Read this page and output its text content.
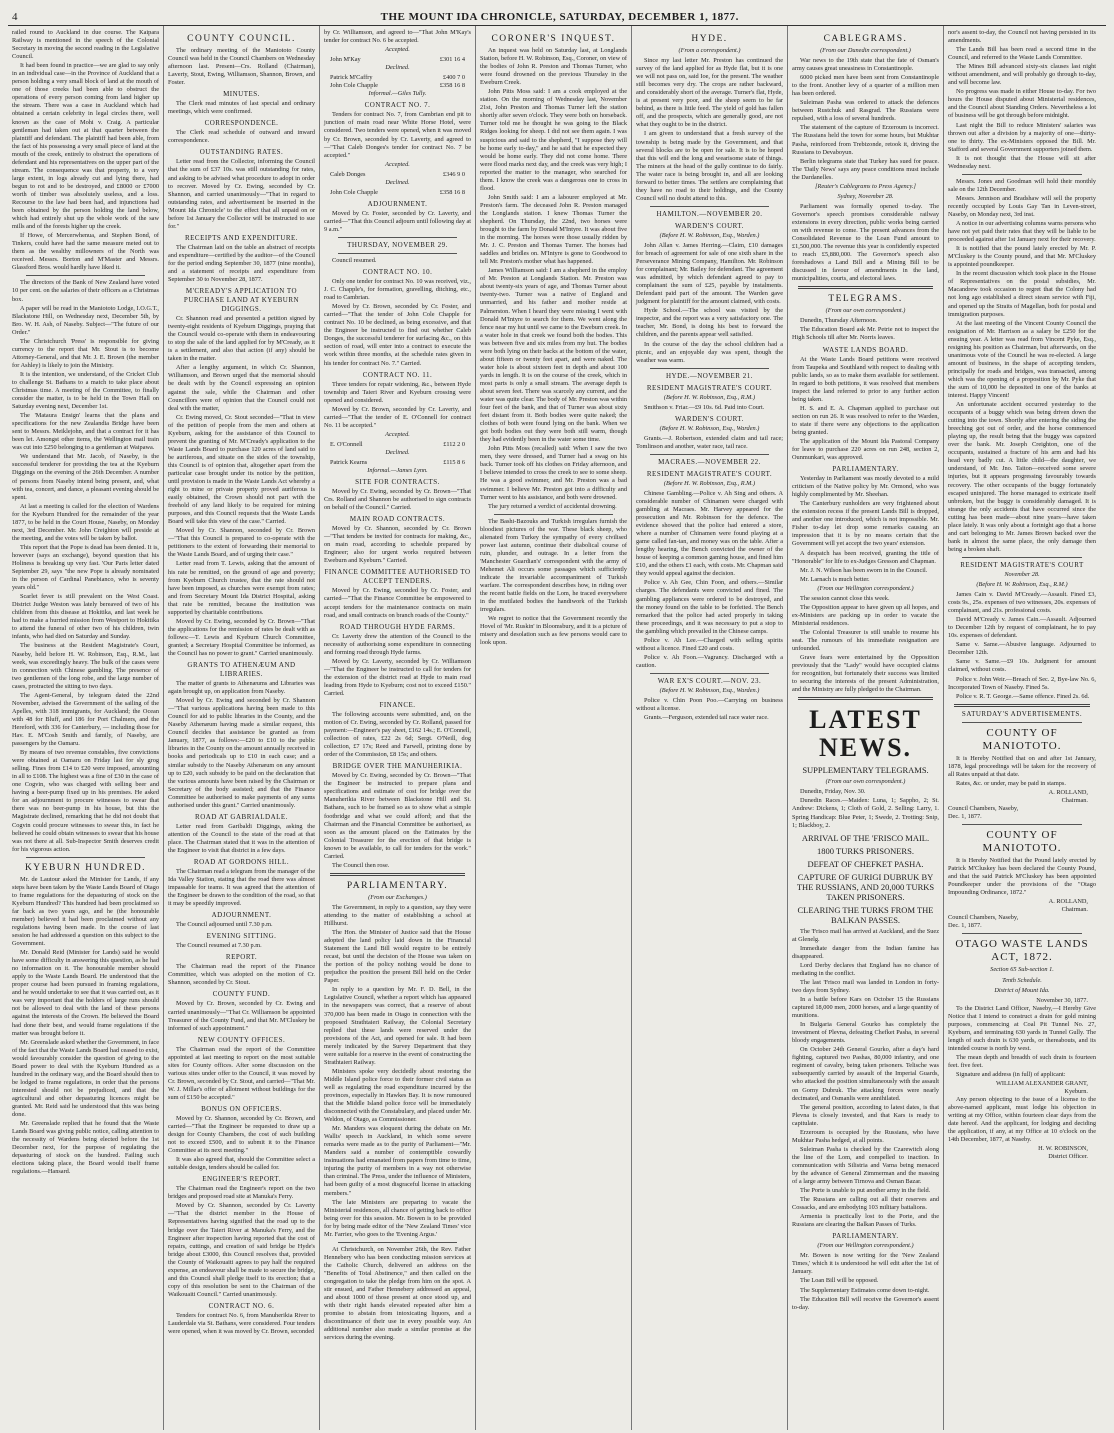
4	THE MOUNT IDA CHRONICLE, SATURDAY, DECEMBER 1, 1877.

railed round to Auckland in due course. The Kaipara Railway is mentioned in the speech of the Colonial Secretary in moving the second reading in the Legislative Council.

It had been found in practice—we are glad to say only in an individual case—in the Province of Auckland that a person holding a very small block of land at the mouth of one of those creeks had been able to obstruct the operations of every person coming from land higher up the stream. There was a case in Auckland which had obtained a certain celebrity in legal circles there, well known as the case of Mohi v. Craig. A particular gentleman had taken out at that quarter between the plaintiff and defendant. The plaintiff had been able, from the fact of his possessing a very small piece of land at the mouth of the creek, entirely to obstruct the operations of defendant and his representatives on the upper part of the stream. The consequence was that property, to a very large extent, in logs already cut and lying there, had begun to rot and to be destroyed, and £8000 or £7000 worth of timber was absolutely useless, and a loss. Recourse to the law had been had, and injunctions had been obtained by the person holding the land below, which had entirely shut up the whole work of the saw mills and of the forests higher up the creek.

If Howe, of Mercerwhenua, and Stephen Bond, of Tinkers, could have had the same measure meted out to them as the wealthy millowners of the North was received. Messrs. Borton and M'Master and Messrs. Glassford Bros. would hardly have liked it.

The directors of the Bank of New Zealand have voted 10 per cent. on the salaries of their officers as a Christmas box.

A paper will be read in the Maniototo Lodge, I.O.G.T., Blackstone Hill, on Wednesday next, December 5th, by Bro. W. H. Ash, of Naseby. Subject—"The future of our Order."

The Christchurch 'Press' is responsible for giving currency to the report that Mr. Stout is to become Attorney-General, and that Mr. J. E. Brown (the member for Ashley) is likely to join the Ministry.

It is the intention, we understand, of the Cricket Club to challenge St. Bathans to a match to take place about Christmas time. A meeting of the Committee, to finally consider the matter, is to be held in the Town Hall on Saturday evening next, December 1st.

The 'Mataura Ensign' learns that the plans and specifications for the new Zealandia Bridge have been sent to Messrs. Meiklejohn, and that a contract for it has been let. Amongst other items, the Wellington mail train was cut into £250 belonging to a gentleman at Waipawa.

We understand that Mr. Jacob, of Naseby, is the successful tenderer for providing the tea at the Kyeburn Diggings on the evening of the 26th December. A number of persons from Naseby intend being present, and, what with tea, concert, and dance, a pleasant evening should be spent.

At last a meeting is called for the election of Wardens for the Kyeburn Hundred for the remainder of the year 1877, to be held in the Court House, Naseby, on Monday next, 3rd December. Mr. John Creighton will preside at the meeting, and the votes will be taken by ballot.

This report that the Pope is dead has been denied. It is, however (says an exchange), beyond question that his Holiness is breaking up very fast. 'Our Paris letter dated September 29, says "the new Pope is already nominated in the person of Cardinal Panebianco, who is seventy years old."

Scarlet fever is still prevalent on the West Coast. District Judge Weston was lately bereaved of two of his children from this disease at Hokitika, and last week he had to make a hurried mission from Westport to Hokitika to attend the funeral of other two of his children, twin infants, who had died on Saturday and Sunday.

The business at the Resident Magistrate's Court, Naseby, held before H. W. Robinson, Esq., R.M., last week, was exceedingly heavy. The bulk of the cases were in connection with Chinese gambling. The presence of two gentlemen of the long robe, and the large number of cases, protracted the sitting to two days.

The Agent-General, by telegram dated the 22nd November, advised the Government of the sailing of the Apelles, with 318 immigrants, for Auckland; the Ocean with 48 for Bluff, and 186 for Port Chalmers, and the Hereford, with 336 for Canterbury, — including those for Hav. E. M'Cosh Smith and family, of Naseby, are passengers by the Oamaru.

By means of two revenue constables, five convictions were obtained at Oamaru on Friday last for sly grog selling. Fines from £14 to £20 were imposed, amounting in all to £108. The highest was a fine of £30 in the case of one Cogvin, who was charged with selling beer and having a beer-pump fixed up in his premises. He asked for an adjournment to procure witnesses to swear that there was no beer-pump in his house, but this the Magistrate declined, remarking that he did not doubt that Cogvin could procure witnesses to swear this, in fact he believed he could obtain witnesses to swear that his house was not there at all. Sub-Inspector Smith deserves credit for his vigorous action.

KYEBURN HUNDRED.

Mr. de Lautour asked the Minister for Lands, if any steps have been taken by the Waste Lands Board of Otago to frame regulations for the depasturing of stock on the Kyeburn Hundred? This hundred had been proclaimed so far back as two years ago, and he (the honourable member) believed it had been proclaimed without any regulations having been made. In the course of last session he had addressed a question on this subject to the Government.

Mr. Donald Reid (Minister for Lands) said he would have some difficulty in answering this question, as he had no information on it. The honourable member should apply to the Waste Lands Board. He understood that the proper course had been pursued in framing regulations, and he would undertake to see that it was carried out, as it was very important that the holders of large runs should not be allowed to deal with the land of these persons against the interests of the Crown. He believed the Board had done their best, and would frame regulations if the matter was brought before it.

Mr. Greenslade asked whether the Government, in face of the fact that the Waste Lands Board had ceased to exist, would favourably consider the question of giving to the Board power to deal with the Kyeburn Hundred as a hundred in the ordinary way, and the Board should then to be lodged to frame regulations, in order that the persons interested should not be prejudiced, and that the agricultural and other depasturing licences might be granted. Mr. Reid said he understood that this was being done.

Mr. Greenslade replied that he found that the Waste Lands Board was giving public notice, calling attention to the necessity of Wardens being elected before the 1st December next, for the purpose of regulating the depasturing of stock on the hundred. Failing such elections taking place, the Board would itself frame regulations.—Hansard.

COUNTY COUNCIL.

The ordinary meeting of the Maniototo County Council was held in the Council Chambers on Wednesday afternoon last. Present—Crs. Rolland (Chairman), Laverty, Stout, Ewing, Williamson, Shannon, Brown, and Foster.

MINUTES.

The Clerk read minutes of last special and ordinary meetings, which were confirmed.

CORRESPONDENCE.

The Clerk read schedule of outward and inward correspondence.

OUTSTANDING RATES.

Letter read from the Collector, informing the Council that the sum of £37 10s. was still outstanding for rates, and asking to be advised what procedure to adopt in order to recover. Moved by Cr. Ewing, seconded by Cr. Shannon, and carried unanimously—"That in regard to outstanding rates, and advertisement be inserted in the 'Mount Ida Chronicle' to the effect that all unpaid on or before 1st January the Collector will be instructed to sue for."

RECEIPTS AND EXPENDITURE.

The Chairman laid on the table an abstract of receipts and expenditure—certified by the auditor—of the Council for the period ending September 30, 1877 (nine months), and a statement of receipts and expenditure from September 30 to November 28, 1877.

M'CREADY'S APPLICATION TO PURCHASE LAND AT KYEBURN DIGGINGS.

Cr. Shannon read and presented a petition signed by twenty-eight residents of Kyeburn Diggings, praying that the Council would co-operate with them in endeavouring to stop the sale of the land applied for by M'Cready, as it is a settlement, and also that action (if any) should be taken in the matter.

After a lengthy argument, in which Cr. Shannon, Williamson, and Brown urged that the memorial should be dealt with by the Council expressing an opinion against the sale, while the Chairman and other Councillors were of opinion that the Council could not deal with the matter,

Cr. Ewing moved, Cr. Stout seconded—"That in view of the petition of people from the men and others at Kyeburn, asking for the assistance of this Council to prevent the granting of Mr. M'Cready's application to the Waste Lands Board to purchase 120 acres of land said to be auriferous, and situate on the sides of the township, this Council is of opinion that, altogether apart from the particular case brought under its notice by the petition, until provision is made in the Waste Lands Act whereby a right to mine or private property proved auriferous is easily obtained, the Crown should not part with the freehold of any land likely to be required for mining purposes, and this Council requests that the Waste Lands Board will take this view of the case." Carried.

Moved by Cr. Shannon, seconded by Cr. Brown—"That this Council is prepared to co-operate with the petitioners to the extent of forwarding their memorial to the Waste Lands Board, and of urging their case."

Letter read from T. Lewis, asking that the amount of his rate be remitted, on the ground of age and poverty; from Kyeburn Church trustee, that the rate should not have been imposed, as churches were exempt from rates; and from Secretary Mount Ida District Hospital, asking that rate be remitted, because the institution was supported by charitable contributions.

Moved by Cr. Ewing, seconded by Cr. Brown—"That the applications for the remission of rates be dealt with as follows:—T. Lewis and Kyeburn Church Committee, granted; a Secretary Hospital Committee be informed, as the Council has no power to grant." Carried unanimously.

GRANTS TO ATHENÆUM AND LIBRARIES.

The matter of grants to Athenæums and Libraries was again brought up, on application from Naseby.

Moved by Cr. Ewing and seconded by Cr. Shannon—"That various applications having been made to this Council for aid to public libraries in the County, and the Naseby Athenæum having made a similar request, this Council decides that assistance be granted as from January, 1877, as follows:—£20 to £10 to the public libraries in the County on the amount annually received in books and periodicals up to £10 in each case; and a similar subsidy to the Naseby Athenæum on any amount up to £20, such subsidy to be paid on the declaration that the various amounts have been raised by the Chairman or Secretary of the body assisted; and that the Finance Committee be authorised to make payments of any sums authorised under this grant." Carried unanimously.

ROAD AT GABRIALDALE.

Letter read from Garibaldi Diggings, asking the attention of the Council to the state of the road at that place. The Chairman stated that it was in the attention of the Engineer to visit that district in a few days.

ROAD AT GORDONS HILL.

The Chairman read a telegram from the manager of the Ida Valley Station, stating that the road there was almost impassable for teams. It was agreed that the attention of the Engineer be drawn to the condition of the road, so that it may be speedily improved.

ADJOURNMENT.

The Council adjourned until 7.30 p.m.

EVENING SITTING.

The Council resumed at 7.30 p.m.

REPORT.

The Chairman read the report of the Finance Committee, which was adopted on the motion of Cr. Shannon, seconded by Cr. Stout.

COUNTY FUND.

Moved by Cr. Brown, seconded by Cr. Ewing and carried unanimously—"That Cr. Williamson be appointed Treasurer of the County Fund, and that Mr. M'Cluskey be informed of such appointment."

NEW COUNTY OFFICES.

The Chairman read the report of the Committee appointed at last meeting to report on the most suitable sites for County offices. After some discussion on the various sites under offer to the Council, it was moved by Cr. Brown, seconded by Cr. Stout, and carried—"That Mr. W. J. Millar's offer of allotment without buildings for the sum of £150 be accepted."

BONUS ON OFFICERS.

Moved by Cr. Shannon, seconded by Cr. Brown, and carried—"That the Engineer be requested to draw up a design for County Chambers, the cost of such building not to exceed £500, and to submit it to the Finance Committee at its next meeting."

It was also agreed that, should the Committee select a suitable design, tenders should be called for.

ENGINEER'S REPORT.

The Chairman read the Engineer's report on the two bridges and proposed road site at Manuka's Ferry.

Moved by Cr. Shannon, seconded by Cr. Laverty—"That the district member in the House of Representatives having signified that the road up to the bridge over the Taieri River at Manuka's Ferry, and the Engineer after inspection having reported that the cost of repairs, cuttings, and creation of said bridge be Hyde's bridge about £3000, this Council resolves that, provided the County of Waikouaiti agrees to pay half the required expense, an endeavour shall be made to secure the bridge, and this Council shall pledge itself to its erection; that a copy of this resolution be sent to the Chairman of the Waikouaiti Council." Carried unanimously.

CONTRACT NO. 6.

Tenders for contract No. 6, from Manuherikia River to Lauderdale via St. Bathans, were considered. Four tenders were opened, when it was moved by Cr. Brown, seconded

by Cr. Williamson, and agreed to—"That John M'Kay's tender for contract No. 6 be accepted.

Accepted.
John M'Kay	£301 16 4
Declined.
Patrick M'Caffry	£400 7 0
John Cole Chapple	£358 16 8
Informal.—Giles Tully.
CONTRACT NO. 7.

Tenders for contract No. 7, from Cambrian end pit to junction of main road near White Horse Hotel, were considered. Two tenders were opened, when it was moved by Cr. Brown, seconded by Cr. Laverty, and agreed to—"That Caleb Donges's tender for contract No. 7 be accepted."

Accepted.
Caleb Donges	£346 9 0
Declined.
John Cole Chapple	£358 16 8
ADJOURNMENT.

Moved by Cr. Foster, seconded by Cr. Laverty, and carried—"That this Council adjourn until following day at 9 a.m."

THURSDAY, NOVEMBER 29.

Council resumed.

CONTRACT NO. 10.

Only one tender for contract No. 10 was received, viz., J. C. Chapple's, for formation, gravelling, ditching, etc., road to Cambrian.

Moved by Cr. Brown, seconded by Cr. Foster, and carried—"That the tender of John Cole Chapple for contract No. 10 be declined, as being excessive, and that the Engineer be instructed to find out whether Caleb Donges, the successful tenderer for surfacing &c., on this section of road, will enter into a contract to execute the work within three months, at the schedule rates given in his tender for contract No. 7." Carried.

CONTRACT NO. 11.

Three tenders for repair widening, &c., between Hyde township and Taieri River and Kyeburn crossing were opened and considered.

Moved by Cr. Brown, seconded by Cr. Laverty, and carried—"That the tender of E. O'Connell for contract No. 11 be accepted."

Accepted.
E. O'Connell	£112 2 0
Declined.
Patrick Kearns	£115 8 6
Informal.—James Lynn.
SITE FOR CONTRACTS.

Moved by Cr. Ewing, seconded by Cr. Brown—"That Crs. Rolland and Shannon be authorised to sign contracts on behalf of the Council." Carried.

MAIN ROAD CONTRACTS.

Moved by Cr. Shannon, seconded by Cr. Brown—"That tenders be invited for contracts for making, &c., on main road, according to schedule prepared by Engineer; also for urgent works required between Eweburn and Kyeburn." Carried.

FINANCE COMMITTEE AUTHORISED TO ACCEPT TENDERS.

Moved by Cr. Ewing, seconded by Cr. Foster, and carried—"That the Finance Committee be empowered to accept tenders for the maintenance contracts on main road, and small contracts on branch roads of the County."

ROAD THROUGH HYDE FARMS.

Cr. Laverty drew the attention of the Council to the necessity of authorising some expenditure in connecting and forming road through Hyde farms.

Moved by Cr. Laverty, seconded by Cr. Williamson—"That the Engineer be instructed to call for tenders for the extension of the district road at Hyde to main road leading from Hyde to Kyeburn; cost not to exceed £150." Carried.

FINANCE.

The following accounts were submitted, and, on the motion of Cr. Ewing, seconded by Cr. Rolland, passed for payment:—Engineer's pay sheet, £162 14s.; E. O'Connell, collection of rates, £22 2s 6d; Sergt. O'Neill, dog collection, £7 17s; Reed and Farwell, printing done by order of the Commission, £8 15s; and others.

BRIDGE OVER THE MANUHERIKIA.

Moved by Cr. Ewing, seconded by Cr. Brown—"That the Engineer be instructed to prepare plans and specifications and estimate of cost for bridge over the Manuherikia River between Blackstone Hill and St. Bathans, such to be framed so as to show what a simple footbridge and what we could afford; and that the Chairman and the Financial Committee be authorised, as soon as the amount placed on the Estimates by the Colonial Treasurer for the erection of that bridge is known to be available, to call for tenders for the work." Carried.

The Council then rose.

PARLIAMENTARY.
(From our Exchanges.)

The Government, in reply to a question, say they were attending to the matter of establishing a school at Hillhurst.

The Hon. the Minister of Justice said that the House adopted the land policy laid down in the Financial Statement the Land Bill would require to be entirely recast, but until the decision of the House was taken on the portion of the policy nothing would be done to prejudice the position the present Bill held on the Order Paper.

In reply to a question by Mr. F. D. Bell, in the Legislative Council, whether a report which has appeared in the newspapers was correct, that a reserve of about 370,000 has been made in Otago in connection with the proposed Strathtaieri Railway, the Colonial Secretary replied that these lands were reserved under the provisions of the Act, and opened for sale. It had been merely indicated by the Survey Department that they were suitable for a reserve in the event of constructing the Strathtaieri Railway.

Ministers spoke very decidedly about restoring the Middle Island police force to their former civil status as well as regulating the road expenditure incurred by the provinces, especially in Hawkes Bay. It is now rumoured that the Middle Island police force will be immediately disconnected with the Constabulary, and placed under Mr. Weldon, of Otago, as Commissioner.

Mr. Manders was eloquent during the debate on Mr. Wallis' speech in Auckland, in which some severe remarks were made as to the purity of Parliament—"Mr. Manders said a number of contemptible cowardly insinuations had emanated from papers from time to time, injuring the purity of members in a way not otherwise than criminal. The Press, under the influence of Ministers, had been guilty of a most disgraceful license in attacking members."

The late Ministers are preparing to vacate the Ministerial residences, all chance of getting back to office being over for this session. Mr. Bowen is to be provided for by being made editor of the 'New Zealand Times' vice Mr. Farrier, who goes to the 'Evening Argus.'

At Christchurch, on November 26th, the Rev. Father Hennebery who has been conducting mission services at the Catholic Church, delivered an address on the "Benefits of Total Abstinence," and then called on the congregation to take the pledge from him on the spot. A stir ensued, and Father Hennebery addressed an appeal, and about 1000 of those present at once stood up, and with their right hands elevated repeated after him a promise to abstain from intoxicating liquors, and a discontinuance of their use in every possible way. An additional number also made a similar promise at the services during the evening.

CORONER'S INQUEST.

An inquest was held on Saturday last, at Longlands Station, before H. W. Robinson, Esq., Coroner, on view of the bodies of John R. Preston and Thomas Turner, who were found drowned on the previous Thursday in the Eweburn Creek.

John Pitts Moss said: I am a cook employed at the station. On the morning of Wednesday last, November 21st, John Preston and Thomas Turner left the station shortly after seven o'clock. They were both on horseback. Turner told me he thought he was going to the Black Ridges looking for sheep. I did not see them again. I was suspicious and said to the shepherd, "I suppose they will be home early to-day," and he said that he expected they would be home early. They did not come home. There were flood marks next day, and the creek was very high; I reported the matter to the manager, who searched for them. I know the creek was a dangerous one to cross in flood.

John Smith said: I am a labourer employed at Mr. Preston's farm. The deceased John R. Preston managed the Longlands station. I knew Thomas Turner the shepherd. On Thursday, the 22nd, two horses were brought to the farm by Donald M'Intyre. It was about five in the morning. The horses were those usually ridden by Mr. J. C. Preston and Thomas Turner. The horses had saddles and bridles on. M'Intyre is gone to Goodwood to tell Mr. Preston's mother what has happened.

James Williamson said: I am a shepherd in the employ of Mr. Preston at Longlands Station. Mr. Preston was about twenty-six years of age, and Thomas Turner about twenty-two. Turner was a native of England and unmarried, and his father and mother reside at Palmerston. When I heard they were missing I went with Donald M'Intyre to search for them. We went along the fence near my hut until we came to the Eweburn creek. In a water hole in that creek we found both the bodies. This was between five and six miles from my hut. The bodies were both lying on their backs at the bottom of the water, about fifteen or twenty feet apart, and were naked. The water hole is about sixteen feet in depth and about 100 yards in length. It is on the course of the creek, which in most parts is only a small stream. The average depth is about seven feet. There was scarcely any current, and the water was quite clear. The body of Mr. Preston was within four feet of the bank, and that of Turner was about sixty feet distant from it. Both bodies were quite naked; the clothes of both were found lying on the bank. When we got both bodies out they were both still warm, though they had evidently been in the water some time.

John Pitts Moss (recalled) said: When I saw the two men, they were dressed, and Turner had a swag on his back. Turner took off his clothes on Friday afternoon, and I believe intended to cross the creek to see to some sheep. He was a good swimmer, and Mr. Preston was a bad swimmer. I believe Mr. Preston got into a difficulty and Turner went to his assistance, and both were drowned.

The jury returned a verdict of accidental drowning.

The Bashi-Bazouks and Turkish irregulars furnish the bloodiest pictures of the war. These black sheep, who alienated from Turkey the sympathy of every civilised power last autumn, continue their diabolical course of ruin, plunder, and outrage. In a letter from the 'Manchester Guardian's' correspondent with the army of Mehemet Ali occurs some passages which sufficiently indicate the invariable accompaniment of Turkish warfare. The correspondent describes how, in riding over the recent battle fields on the Lom, he traced everywhere in the mutilated bodies the handiwork of the Turkish irregulars.

We regret to notice that the Government recently the Hovel of 'Mr. Ruskin' in Bloomsbury, and it is a picture of misery and desolation such as few persons would care to look upon.

HYDE.
(From a correspondent.)

Since my last letter Mr. Preston has continued the survey of the land applied for as Hyde flat, but it is one we will not pass on, said Ioe, for the present. The weather still becomes very dry. The crops are rather backward, and considerably short of the average. Turner's flat, Hyde, is at present very poor, and the sheep seem to be far behind, as there is little feed. The yield of gold has fallen off, and the prospects, which are generally good, are not what they ought to be in the district.

I am given to understand that a fresh survey of the township is being made by the Government, and that several blocks are to be open for sale. It is to be hoped that this will end the long and wearisome state of things. The miners at the head of the gully continue to do fairly. The water race is being brought in, and all are looking forward to better times. The settlers are complaining that they have no road to their holdings, and the County Council will no doubt attend to this.

HAMILTON.—NOVEMBER 20.
WARDEN'S COURT.
(Before H. W. Robinson, Esq., Warden.)

John Allan v. James Herring.—Claim, £10 damages for breach of agreement for sale of one sixth share in the Perseverance Mining Company, Hamilton. Mr. Robinson for complainant; Mr. Bailey for defendant. The agreement was admitted, by which defendant agreed to pay to complainant the sum of £25, payable by instalments. Defendant paid part of the amount. The Warden gave judgment for plaintiff for the amount claimed, with costs.

Hyde School.—The school was visited by the inspector, and the report was a very satisfactory one. The teacher, Mr. Bond, is doing his best to forward the children, and the parents appear well satisfied.

In the course of the day the school children had a picnic, and an enjoyable day was spent, though the weather was warm.

HYDE.—NOVEMBER 21.
RESIDENT MAGISTRATE'S COURT.
(Before H. W. Robinson, Esq., R.M.)

Smithson v. Friar.—£9 10s. 6d. Paid into Court.

WARDEN'S COURT.
(Before H. W. Robinson, Esq., Warden.)

Grants.—J. Robertson, extended claim and tail race; Tomlinson and another, water race, tail race.

MACRAES.—NOVEMBER 22.
RESIDENT MAGISTRATE'S COURT.
(Before H. W. Robinson, Esq., R.M.)

Chinese Gambling.—Police v. Ah Sing and others. A considerable number of Chinamen were charged with gambling at Macraes. Mr. Harvey appeared for the prosecution and Mr. Robinson for the defence. The evidence showed that the police had entered a store, where a number of Chinamen were found playing at a game called fan-tan, and money was on the table. After a lengthy hearing, the Bench convicted the owner of the house of keeping a common gaming house, and fined him £10, and the others £1 each, with costs. Mr. Chapman said they would appeal against the decision.

Police v. Ah Gee, Chin Foon, and others.—Similar charges. The defendants were convicted and fined. The gambling appliances were ordered to be destroyed, and the money found on the table to be forfeited. The Bench remarked that the police had acted properly in taking these proceedings, and it was necessary to put a stop to the gambling which prevailed in the Chinese camps.

Police v. Ah Lee.—Charged with selling spirits without a licence. Fined £20 and costs.

Police v. Ah Foon.—Vagrancy. Discharged with a caution.

WAR EX'S COURT.—NOV. 23.
(Before H. W. Robinson, Esq., Warden.)

Police v. Chin Poon Poo.—Carrying on business without a license.

Grants.—Ferguson, extended tail race water race.

CABLEGRAMS.
(From our Dunedin correspondent.)

War news to the 19th state that the fate of Osman's army causes great uneasiness in Constantinople.

6000 picked men have been sent from Constantinople to the front. Another levy of a quarter of a million men has been ordered.

Suleiman Pasha was ordered to attack the defences between Rustchuk and Rasgrad. The Russians were repulsed, with a loss of several hundreds.

The statement of the capture of Erzeroum is incorrect. The Russians held the town for some hours, but Mukhtar Pasha, reinforced from Trebizonde, retook it, driving the Russians to Devaboyun.

Berlin telegrams state that Turkey has sued for peace. The 'Daily News' says any peace conditions must include the Dardanelles.

[Reuter's Cablegrams to Press Agency.]
Sydney, November 28.

Parliament was formally opened to-day. The Governor's speech promises considerable railway extensions in every direction, public works being carried on with revenue to come. The present advances from the Consolidated Revenue to the Loan Fund amount to £1,500,000. The revenue this year is confidently expected to reach £5,880,000. The Governor's speech also foreshadows a Land Bill and a Mining Bill to be discussed in favour of amendments in the land, municipalities, courts, and electoral laws.

TELEGRAMS.
(From our own correspondent.)

Dunedin, Thursday Afternoon.

The Education Board ask Mr. Petrie not to inspect the High Schools till after Mr. Norris leaves.

WASTE LANDS BOARD.

At the Waste Lands Board petitions were received from Taupeka and Southland with respect to dealing with public lands, so as to make them available for settlement. In regard to both petitions, it was resolved that members inspect the land referred to prior to any further action being taken.

H. S. and E. A. Chapman applied to purchase out section on run 26. It was resolved to refer to the Warden, to state if there were any objections to the application being granted.

The application of the Mount Ida Pastoral Company for leave to purchase 220 acres on run 248, section 2, Ounmunkari, was approved.

PARLIAMENTARY.

Yesterday in Parliament was mostly devoted to a mild criticism of the Native policy by Mr. Ormond, who was highly complimented by Mr. Sheehan.

The Canterbury runholders are very frightened about the extension recess if the present Lands Bill is dropped, and another one introduced, which is not impossible. Mr. Fisher to-day let drop some remarks causing an impression that it is by no means certain that the Government will yet accept the two years' extension.

A despatch has been received, granting the title of "Honorable" for life to ex-Judges Gresson and Chapman.

Mr. J. N. Wilson has been sworn in in the Council.

Mr. Larnach is much better.

(From our Wellington correspondent.)

The session cannot close this week.

The Opposition appear to have given up all hopes, and ex-Ministers are packing up in order to vacate the Ministerial residences.

The Colonial Treasurer is still unable to resume his seat. The rumours of his immediate resignation are unfounded.

Grave fears were entertained by the Opposition previously that the "Lady" would have occupied claims for recognition, but fortunately their success was limited to securing the interests of the present Administration, and the Ministry are fully pledged to the Chairman.

LATEST NEWS.
SUPPLEMENTARY TELEGRAMS.
(From our own correspondent.)

Dunedin, Friday, Nov. 30.

Dunedin Races.—Maiden: Luna, 1; Sappho, 2; St. Andrew: Dickens, 1; Cloth of Gold, 2. Selling: Larry, 1. Spring Handicap: Blue Peter, 1; Swede, 2. Trotting: Snip, 1; Blackboy, 2.

ARRIVAL OF THE 'FRISCO MAIL.
1800 TURKS PRISONERS.
DEFEAT OF CHEFKET PASHA.
CAPTURE OF GURIGI DUBRUK BY THE RUSSIANS, AND 20,000 TURKS TAKEN PRISONERS.
CLEARING THE TURKS FROM THE BALKAN PASSES.

The 'Frisco mail has arrived at Auckland, and the Suez at Glenelg.

Immediate danger from the Indian famine has disappeared.

Lord Derby declares that England has no chance of mediating in the conflict.

The last 'Frisco mail was landed in London in forty-two days from Sydney.

In a battle before Kars on October 15 the Russians captured 18,000 men, 2000 horses, and a large quantity of munitions.

In Bulgaria General Gourko has completely the investment of Plevna, defeating Chefket Pasha, in several bloody engagements.

On October 24th General Gourko, after a day's hard fighting, captured two Pashas, 80,000 infantry, and one regiment of cavalry, being taken prisoners. Telische was subsequently carried by assault of the Imperial Guards, who attacked the position simultaneously with the assault on Gorny Dubruk. The attacking forces were nearly decimated, and Osmanlis were annihilated.

The general position, according to latest dates, is that Plevna is closely invested, and that Kars is ready to capitulate.

Erzeroum is occupied by the Russians, who have Mukhtar Pasha hedged, at all points.

Suleiman Pasha is checked by the Czarewitch along the line of the Lom, and compelled to inaction. In communication with Silistria and Varna being menaced by the advance of General Zimmerman and the massing of a large army between Tirnova and Osman Bazar.

The Porte is unable to put another army in the field.

The Russians are calling out all their reserves and Cossacks, and are embodying 103 military battalions.

Armenia is practically lost to the Porte, and the Russians are clearing the Balkan Passes of Turks.

PARLIAMENTARY.
(From our Wellington correspondent.)

Mr. Bowen is now writing for the 'New Zealand Times,' which it is understood he will edit after the 1st of January.

The Loan Bill will be opposed.

The Supplementary Estimates come down to-night.

The Education Bill will receive the Governor's assent to-day.

nor's assent to-day, the Council not having persisted in its amendments.

The Lands Bill has been read a second time in the Council, and referred to the Waste Lands Committee.

The Mines Bill advanced sixty-six clauses last night without amendment, and will probably go through to-day, and will become law.

No progress was made in either House to-day. For two hours the House disputed about Ministerial residences, and the Council about Standing Orders. Nevertheless a lot of business will be got through before midnight.

Last night the Bill to reduce Ministers' salaries was thrown out after a division by a majority of one—thirty-one to thirty. The ex-Ministers opposed the Bill. Mr. Stafford and several Government supporters joined them.

It is not thought that the House will sit after Wednesday next.

Messrs. Jones and Goodman will hold their monthly sale on the 12th December.

Messrs. Jennison and Bradshaw will sell the property recently occupied by Louis Gay Tan in Leven-street, Naseby, on Monday next, 3rd inst.

A notice in our advertising columns warns persons who have not yet paid their rates that they will be liable to be proceeded against after 1st January next for their recovery.

It is notified that the pound lately erected by Mr. P. M'Cluskey is the County pound, and that Mr. M'Cluskey is appointed poundkeeper.

In the recent discussion which took place in the House of Representatives on the postal subsidies, Mr. Macandrew took occasion to regret that the Colony had not long ago established a direct steam service with Fiji, and opened up the Straits of Magellan, both for postal and immigration purposes.

At the last meeting of the Vincent County Council the resignation of Mr. Harrison as a salary be £250 for the ensuing year. A letter was read from Vincent Pyke, Esq., resigning his position as Chairman, but afterwards, on the unanimous vote of the Council he was re-elected. A large amount of business, in the shape of accepting tenders, principally for roads and bridges, was transacted, among which was the opening of a proposition by Mr. Pyke that the sum of 10,000 be deposited in one of the banks at interest. Happy Vincent!

An unfortunate accident occurred yesterday to the occupants of a buggy which was being driven down the cutting into the town. Shortly after entering the siding the breeching got out of order, and the horse commenced playing up, the result being that the buggy was capsized over the bank. Mr. Joseph Creighton, one of the occupants, sustained a fracture of his arm and had his head very badly cut. A little child—the daughter, we understand, of Mr. Jno. Taiton—received some severe injuries, but it appears progressing favourably towards recovery. The other occupants of the buggy fortunately escaped uninjured. The horse managed to extricate itself unbroken, but the buggy is considerably damaged. It is strange the only accidents that have occurred since the cutting has been made—about nine years—have taken place lately. It was only about a fortnight ago that a horse and cart belonging to Mr. James Brown backed over the bank in almost the same place, the only damage then being a broken shaft.

RESIDENT MAGISTRATE'S COURT
November 28.
(Before H. W. Robinson, Esq., R.M.)

James Cain v. David M'Cready.—Assault. Fined £3, costs 9s., 25s. expenses of two witnesses, 20s. expenses of complainant, and 21s. professional costs.

David M'Cready v. James Cain.—Assault. Adjourned to December 12th by request of complainant, he to pay 10s. expenses of defendant.

Same v. Same.—Abusive language. Adjourned to December 12th.

Same v. Same.—£9 10s. Judgment for amount claimed, without costs.

Police v. John Weir.—Breach of Sec. 2, Bye-law No. 6, Incorporated Town of Naseby. Fined 5s.

Police v. R. T. George.—Same offence. Fined 2s. 6d.

SATURDAY'S ADVERTISEMENTS.
COUNTY OF MANIOTOTO.

It is Hereby Notified that on and after 1st January, 1878, legal proceedings will be taken for the recovery of all Rates unpaid at that date.

Rates, &c. or under, may be paid in stamps.

A. ROLLAND,
Chairman.
Council Chambers, Naseby,
Dec. 1, 1877.
COUNTY OF MANIOTOTO.

It is Hereby Notified that the Pound lately erected by Patrick M'Cluskey has been declared the County Pound, and that the said Patrick M'Cluskey has been appointed Poundkeeper under the provisions of the "Otago Impounding Ordinance, 1872."

A. ROLLAND,
Chairman.
Council Chambers, Naseby,
Dec. 1, 1877.
OTAGO WASTE LANDS ACT, 1872.
Section 65 Sub-section 1.
Tenth Schedule.
District of Mount Ida.
November 30, 1877.

To the District Land Officer, Naseby,—I Hereby Give Notice that I intend to construct a drain for gold mining purposes, commencing at Coal Pit Tunnel No. 27, Kyeburn, and terminating 630 yards in Tunnel Gully. The length of such drain is 630 yards, or thereabouts, and its intended course is north by west.

The mean depth and breadth of such drain is fourteen feet. five feet.

Signature and address (in full) of applicant:

WILLIAM ALEXANDER GRANT,
Kyeburn.

Any person objecting to the issue of a license to the above-named applicant, must lodge his objection in writing at my Office, within fourteen clear days from the date hereof. And the applicant, for lodging and deciding the application, if any, at my Office at 10 o'clock on the 14th December, 1877, at Naseby.

H. W. ROBINSON,
District Officer.
